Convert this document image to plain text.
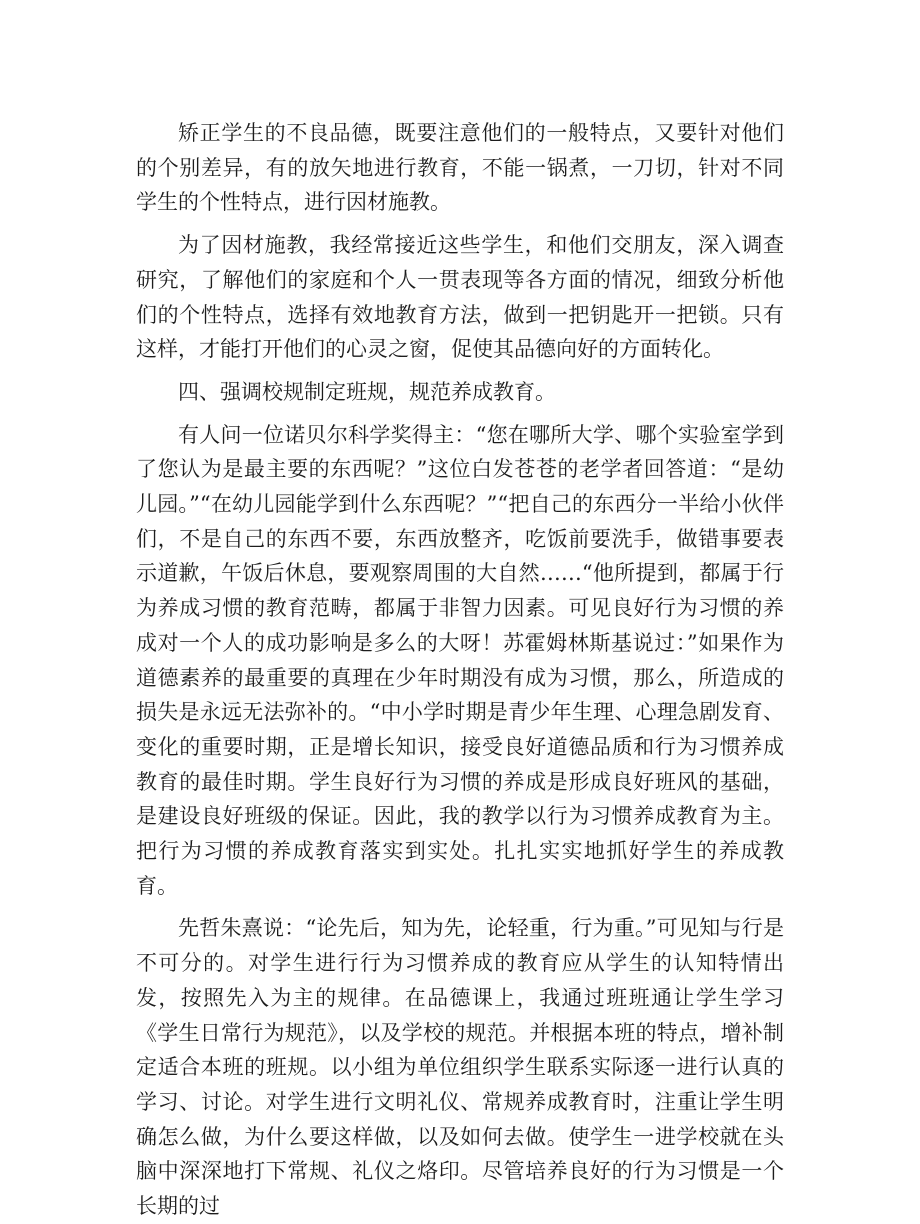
矫正学生的不良品德，既要注意他们的一般特点，又要针对他们的个别差异，有的放矢地进行教育，不能一锅煮，一刀切，针对不同学生的个性特点，进行因材施教。

为了因材施教，我经常接近这些学生，和他们交朋友，深入调查研究，了解他们的家庭和个人一贯表现等各方面的情况，细致分析他们的个性特点，选择有效地教育方法，做到一把钥匙开一把锁。只有这样，才能打开他们的心灵之窗，促使其品德向好的方面转化。

四、强调校规制定班规，规范养成教育。

有人问一位诺贝尔科学奖得主：“您在哪所大学、哪个实验室学到了您认为是最主要的东西呢？”这位白发苍苍的老学者回答道：“是幼儿园。”“在幼儿园能学到什么东西呢？”“把自己的东西分一半给小伙伴们，不是自己的东西不要，东西放整齐，吃饭前要洗手，做错事要表示道歉，午饭后休息，要观察周围的大自然……“他所提到，都属于行为养成习惯的教育范畴，都属于非智力因素。可见良好行为习惯的养成对一个人的成功影响是多么的大呀！苏霍姆林斯基说过：”如果作为道德素养的最重要的真理在少年时期没有成为习惯，那么，所造成的损失是永远无法弥补的。“中小学时期是青少年生理、心理急剧发育、变化的重要时期，正是增长知识，接受良好道德品质和行为习惯养成教育的最佳时期。学生良好行为习惯的养成是形成良好班风的基础，是建设良好班级的保证。因此，我的教学以行为习惯养成教育为主。把行为习惯的养成教育落实到实处。扎扎实实地抓好学生的养成教育。

先哲朱熹说：“论先后，知为先，论轻重，行为重。”可见知与行是不可分的。对学生进行行为习惯养成的教育应从学生的认知特情出发，按照先入为主的规律。在品德课上，我通过班班通让学生学习《学生日常行为规范》，以及学校的规范。并根据本班的特点，增补制定适合本班的班规。以小组为单位组织学生联系实际逐一进行认真的学习、讨论。对学生进行文明礼仪、常规养成教育时，注重让学生明确怎么做，为什么要这样做，以及如何去做。使学生一进学校就在头脑中深深地打下常规、礼仪之烙印。尽管培养良好的行为习惯是一个长期的过
